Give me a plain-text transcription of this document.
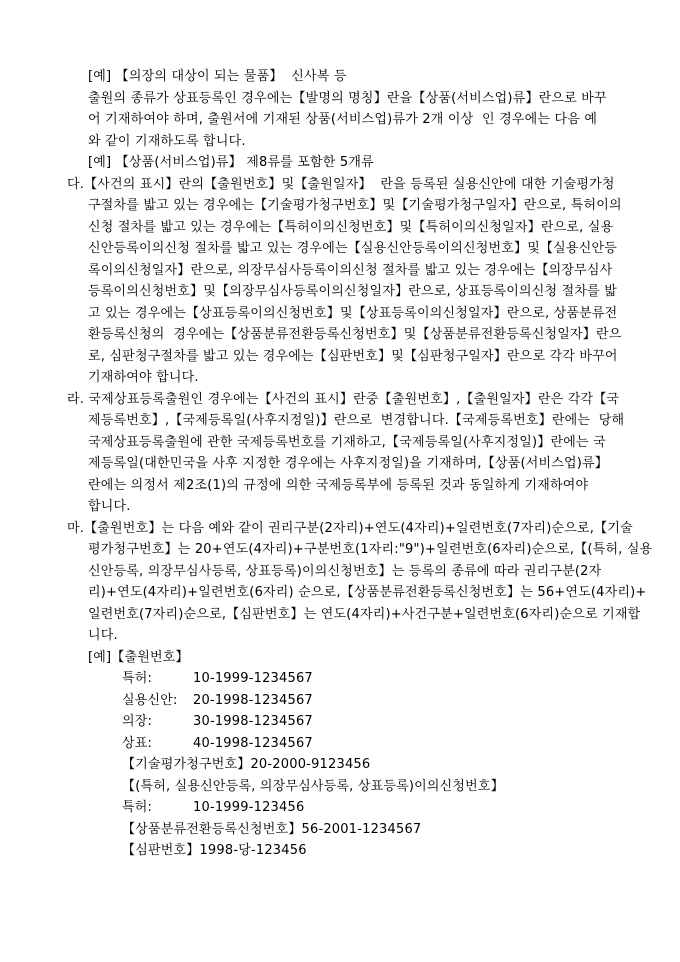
[예] 【의장의 대상이 되는 물품】  신사복 등
출원의 종류가 상표등록인 경우에는【발명의 명칭】란을【상품(서비스업)류】란으로 바꾸
어 기재하여야 하며, 출원서에 기재된 상품(서비스업)류가 2개 이상  인 경우에는 다음 예
와 같이 기재하도록 합니다.
[예] 【상품(서비스업)류】 제8류를 포함한 5개류
다.【사건의 표시】란의【출원번호】및【출원일자】  란을 등록된 실용신안에 대한 기술평가청
구절차를 밟고 있는 경우에는【기술평가청구번호】및【기술평가청구일자】란으로, 특허이의
신청 절차를 밟고 있는 경우에는【특허이의신청번호】및【특허이의신청일자】란으로, 실용
신안등록이의신청 절차를 밟고 있는 경우에는【실용신안등록이의신청번호】및【실용신안등
록이의신청일자】란으로, 의장무심사등록이의신청 절차를 밟고 있는 경우에는【의장무심사
등록이의신청번호】및【의장무심사등록이의신청일자】란으로, 상표등록이의신청 절차를 밟
고 있는 경우에는【상표등록이의신청번호】및【상표등록이의신청일자】란으로, 상품분류전
환등록신청의  경우에는【상품분류전환등록신청번호】및【상품분류전환등록신청일자】란으
로, 심판청구절차를 밟고 있는 경우에는【심판번호】및【심판청구일자】란으로 각각 바꾸어
기재하여야 합니다.
라. 국제상표등록출원인 경우에는【사건의 표시】란중【출원번호】,【출원일자】란은 각각【국
제등록번호】,【국제등록일(사후지정일)】란으로  변경합니다.【국제등록번호】란에는  당해
국제상표등록출원에 관한 국제등록번호를 기재하고,【국제등록일(사후지정일)】란에는 국
제등록일(대한민국을 사후 지정한 경우에는 사후지정일)을 기재하며,【상품(서비스업)류】
란에는 의정서 제2조(1)의 규정에 의한 국제등록부에 등록된 것과 동일하게 기재하여야
합니다.
마.【출원번호】는 다음 예와 같이 권리구분(2자리)+연도(4자리)+일련번호(7자리)순으로,【기술
평가청구번호】는 20+연도(4자리)+구분번호(1자리:"9")+일련번호(6자리)순으로,【(특허, 실용
신안등록, 의장무심사등록, 상표등록)이의신청번호】는 등록의 종류에 따라 권리구분(2자
리)+연도(4자리)+일련번호(6자리) 순으로,【상품분류전환등록신청번호】는 56+연도(4자리)+
일련번호(7자리)순으로,【심판번호】는 연도(4자리)+사건구분+일련번호(6자리)순으로 기재합
니다.
[예]【출원번호】
특허:	10-1999-1234567
실용신안: 20-1998-1234567
의장:	30-1998-1234567
상표:	40-1998-1234567
【기술평가청구번호】20-2000-9123456
【(특허, 실용신안등록, 의장무심사등록, 상표등록)이의신청번호】
특허:	10-1999-123456
【상품분류전환등록신청번호】56-2001-1234567
【심판번호】1998-당-123456
